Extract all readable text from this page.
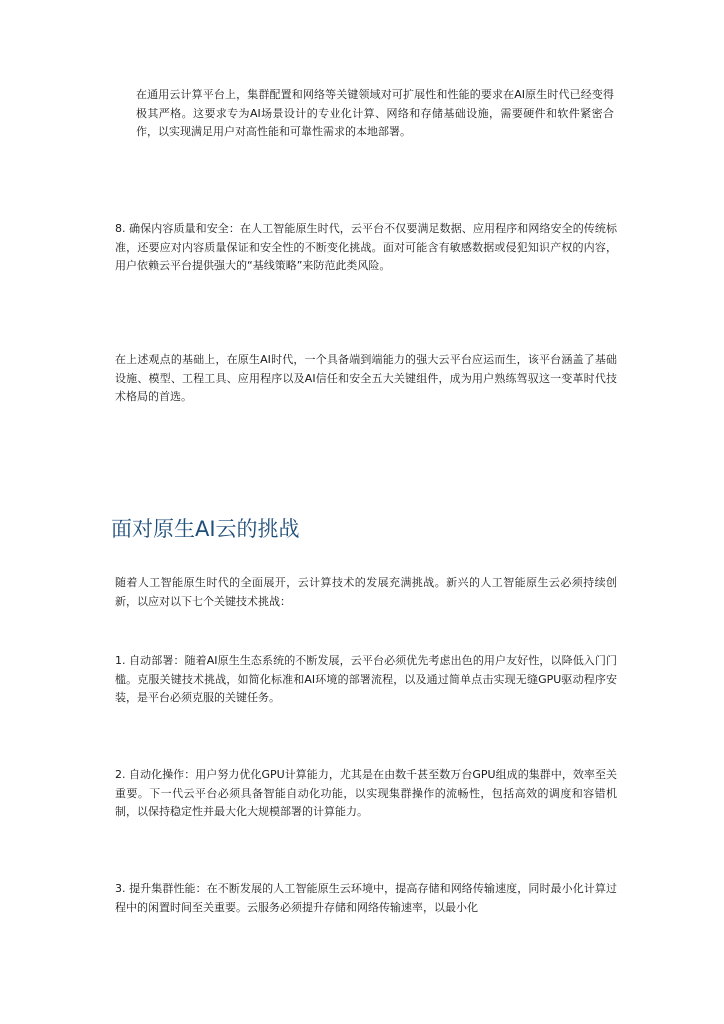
在通用云计算平台上，集群配置和网络等关键领域对可扩展性和性能的要求在AI原生时代已经变得极其严格。这要求专为AI场景设计的专业化计算、网络和存储基础设施，需要硬件和软件紧密合作，以实现满足用户对高性能和可靠性需求的本地部署。

8. 确保内容质量和安全：在人工智能原生时代，云平台不仅要满足数据、应用程序和网络安全的传统标准，还要应对内容质量保证和安全性的不断变化挑战。面对可能含有敏感数据或侵犯知识产权的内容，用户依赖云平台提供强大的“基线策略”来防范此类风险。

在上述观点的基础上，在原生AI时代，一个具备端到端能力的强大云平台应运而生，该平台涵盖了基础设施、模型、工程工具、应用程序以及AI信任和安全五大关键组件，成为用户熟练驾驭这一变革时代技术格局的首选。

面对原生AI云的挑战

随着人工智能原生时代的全面展开，云计算技术的发展充满挑战。新兴的人工智能原生云必须持续创新，以应对以下七个关键技术挑战：

1. 自动部署：随着AI原生生态系统的不断发展，云平台必须优先考虑出色的用户友好性，以降低入门门槛。克服关键技术挑战，如简化标准和AI环境的部署流程，以及通过简单点击实现无缝GPU驱动程序安装，是平台必须克服的关键任务。

2. 自动化操作：用户努力优化GPU计算能力，尤其是在由数千甚至数万台GPU组成的集群中，效率至关重要。下一代云平台必须具备智能自动化功能，以实现集群操作的流畅性，包括高效的调度和容错机制，以保持稳定性并最大化大规模部署的计算能力。

3. 提升集群性能：在不断发展的人工智能原生云环境中，提高存储和网络传输速度，同时最小化计算过程中的闲置时间至关重要。云服务必须提升存储和网络传输速率，以最小化
